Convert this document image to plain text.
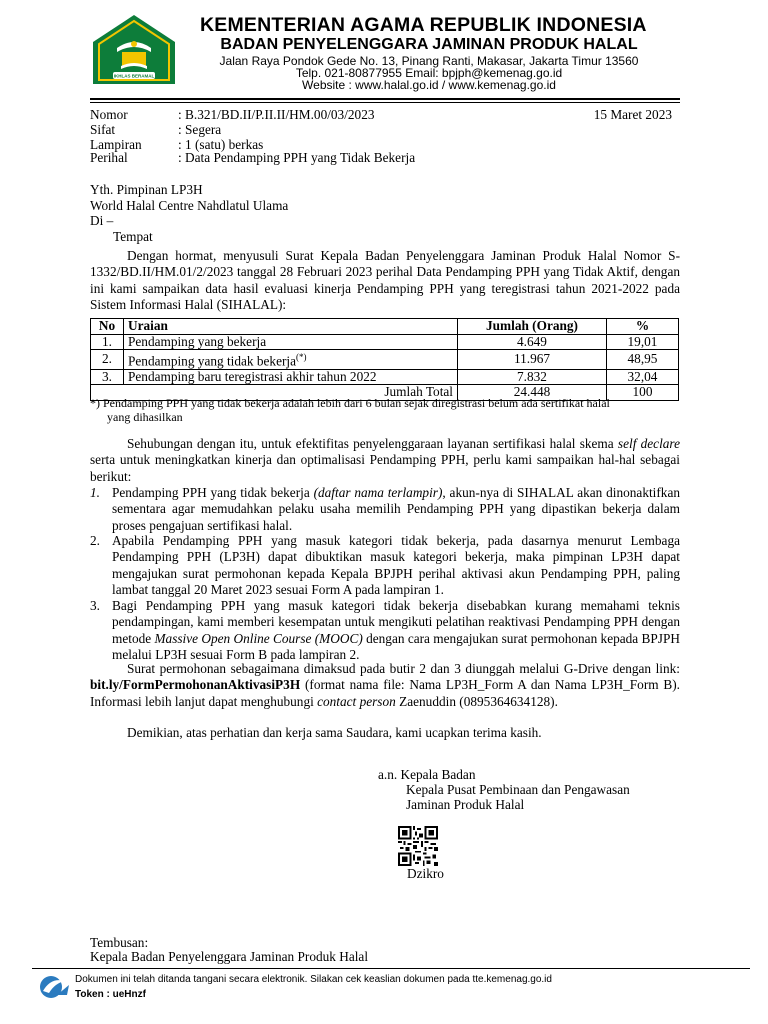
IKHLAS BERAMAL
KEMENTERIAN AGAMA REPUBLIK INDONESIA
BADAN PENYELENGGARA JAMINAN PRODUK HALAL
Jalan Raya Pondok Gede No. 13, Pinang Ranti, Makasar, Jakarta Timur 13560
Telp. 021-80877955 Email: bpjph@kemenag.go.id
Website : www.halal.go.id / www.kemenag.go.id
Nomor	: B.321/BD.II/P.II.II/HM.00/03/2023	15 Maret 2023
Sifat	: Segera
Lampiran	: 1 (satu) berkas
Perihal	: Data Pendamping PPH yang Tidak Bekerja
Yth. Pimpinan LP3H
World Halal Centre Nahdlatul Ulama
Di –
Tempat
Dengan hormat, menyusuli Surat Kepala Badan Penyelenggara Jaminan Produk Halal Nomor S-1332/BD.II/HM.01/2/2023 tanggal 28 Februari 2023 perihal Data Pendamping PPH yang Tidak Aktif, dengan ini kami sampaikan data hasil evaluasi kinerja Pendamping PPH yang teregistrasi tahun 2021-2022 pada Sistem Informasi Halal (SIHALAL):
No	Uraian	Jumlah (Orang)	%
1.	Pendamping yang bekerja	4.649	19,01
2.	Pendamping yang tidak bekerja(*)	11.967	48,95
3.	Pendamping baru teregistrasi akhir tahun 2022	7.832	32,04
Jumlah Total		24.448	100
*) Pendamping PPH yang tidak bekerja adalah lebih dari 6 bulan sejak diregistrasi belum ada sertifikat halal
yang dihasilkan
Sehubungan dengan itu, untuk efektifitas penyelenggaraan layanan sertifikasi halal skema self declare serta untuk meningkatkan kinerja dan optimalisasi Pendamping PPH, perlu kami sampaikan hal-hal sebagai berikut:
1. Pendamping PPH yang tidak bekerja (daftar nama terlampir), akun-nya di SIHALAL akan dinonaktifkan sementara agar memudahkan pelaku usaha memilih Pendamping PPH yang dipastikan bekerja dalam proses pengajuan sertifikasi halal.
2. Apabila Pendamping PPH yang masuk kategori tidak bekerja, pada dasarnya menurut Lembaga Pendamping PPH (LP3H) dapat dibuktikan masuk kategori bekerja, maka pimpinan LP3H dapat mengajukan surat permohonan kepada Kepala BPJPH perihal aktivasi akun Pendamping PPH, paling lambat tanggal 20 Maret 2023 sesuai Form A pada lampiran 1.
3. Bagi Pendamping PPH yang masuk kategori tidak bekerja disebabkan kurang memahami teknis pendampingan, kami memberi kesempatan untuk mengikuti pelatihan reaktivasi Pendamping PPH dengan metode Massive Open Online Course (MOOC) dengan cara mengajukan surat permohonan kepada BPJPH melalui LP3H sesuai Form B pada lampiran 2.
Surat permohonan sebagaimana dimaksud pada butir 2 dan 3 diunggah melalui G-Drive dengan link: bit.ly/FormPermohonanAktivasiP3H (format nama file: Nama LP3H_Form A dan Nama LP3H_Form B). Informasi lebih lanjut dapat menghubungi contact person Zaenuddin (0895364634128).
Demikian, atas perhatian dan kerja sama Saudara, kami ucapkan terima kasih.
a.n. Kepala Badan
Kepala Pusat Pembinaan dan Pengawasan
Jaminan Produk Halal
Dzikro
Tembusan:
Kepala Badan Penyelenggara Jaminan Produk Halal
Dokumen ini telah ditanda tangani secara elektronik. Silakan cek keaslian dokumen pada tte.kemenag.go.id
Token : ueHnzf
